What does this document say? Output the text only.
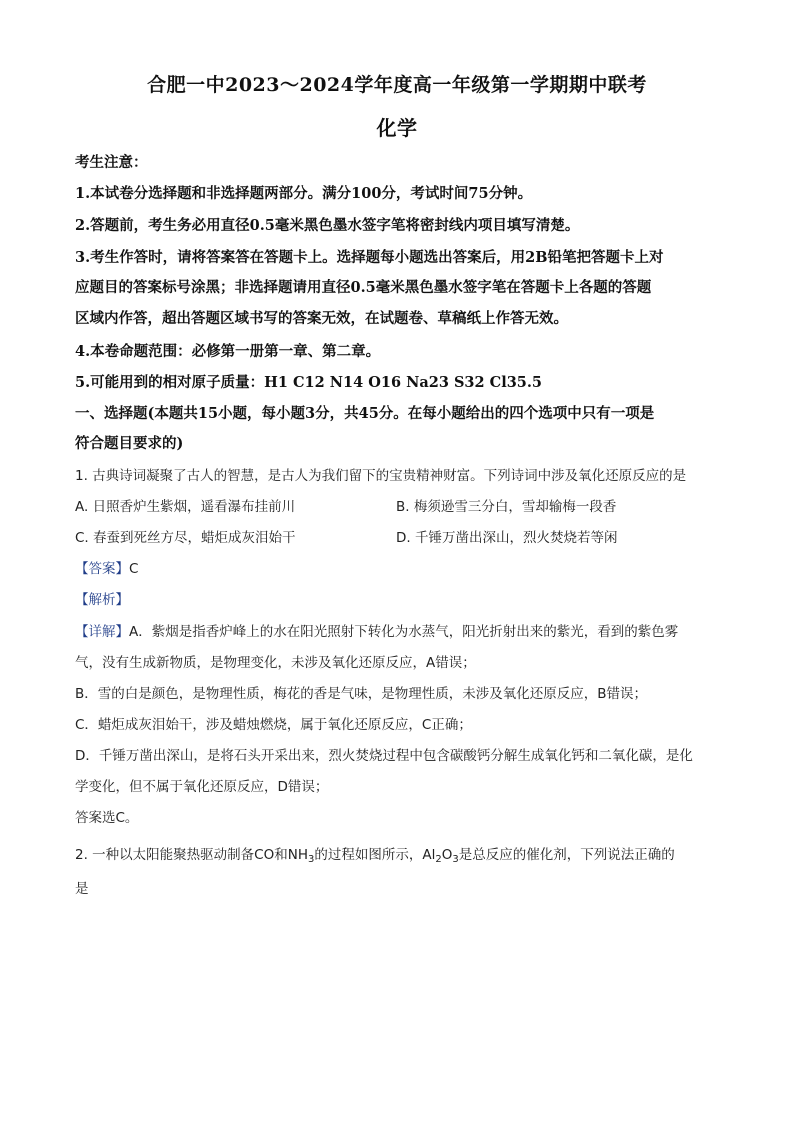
合肥一中2023～2024学年度高一年级第一学期期中联考
化学
考生注意：
1.本试卷分选择题和非选择题两部分。满分100分，考试时间75分钟。
2.答题前，考生务必用直径0.5毫米黑色墨水签字笔将密封线内项目填写清楚。
3.考生作答时，请将答案答在答题卡上。选择题每小题选出答案后，用2B铅笔把答题卡上对
应题目的答案标号涂黑；非选择题请用直径0.5毫米黑色墨水签字笔在答题卡上各题的答题
区域内作答，超出答题区域书写的答案无效，在试题卷、草稿纸上作答无效。
4.本卷命题范围：必修第一册第一章、第二章。
5.可能用到的相对原子质量：H1 C12 N14 O16 Na23 S32 Cl35.5
一、选择题(本题共15小题，每小题3分，共45分。在每小题给出的四个选项中只有一项是
符合题目要求的)
1. 古典诗词凝聚了古人的智慧，是古人为我们留下的宝贵精神财富。下列诗词中涉及氧化还原反应的是
A. 日照香炉生紫烟，遥看瀑布挂前川	B. 梅须逊雪三分白，雪却输梅一段香
C. 春蚕到死丝方尽，蜡炬成灰泪始干	D. 千锤万凿出深山，烈火焚烧若等闲
【答案】C
【解析】
【详解】A．紫烟是指香炉峰上的水在阳光照射下转化为水蒸气，阳光折射出来的紫光，看到的紫色雾
气，没有生成新物质，是物理变化，未涉及氧化还原反应，A错误；
B．雪的白是颜色，是物理性质，梅花的香是气味，是物理性质，未涉及氧化还原反应，B错误；
C．蜡炬成灰泪始干，涉及蜡烛燃烧，属于氧化还原反应，C正确；
D．千锤万凿出深山，是将石头开采出来，烈火焚烧过程中包含碳酸钙分解生成氧化钙和二氧化碳，是化
学变化，但不属于氧化还原反应，D错误；
答案选C。
2. 一种以太阳能聚热驱动制备CO和$NH_3$的过程如图所示，$Al_2O_3$是总反应的催化剂，下列说法正确的
是
